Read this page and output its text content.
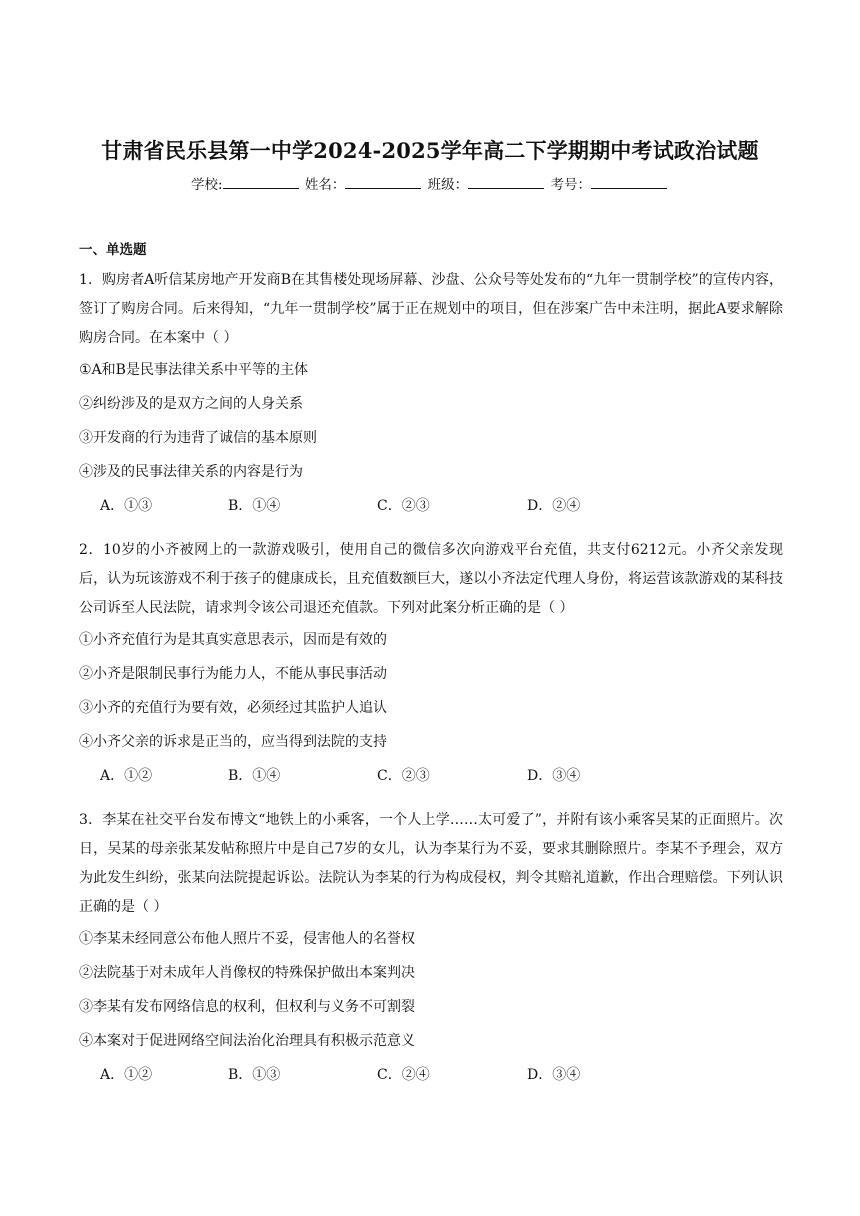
甘肃省民乐县第一中学2024-2025学年高二下学期期中考试政治试题
学校:	姓名：	班级：	考号：
一、单选题

1．购房者A听信某房地产开发商B在其售楼处现场屏幕、沙盘、公众号等处发布的“九年一贯制学校”的宣传内容，签订了购房合同。后来得知，“九年一贯制学校”属于正在规划中的项目，但在涉案广告中未注明，据此A要求解除购房合同。在本案中（ ）

①A和B是民事法律关系中平等的主体

②纠纷涉及的是双方之间的人身关系

③开发商的行为违背了诚信的基本原则

④涉及的民事法律关系的内容是行为

A．①③	B．①④	C．②③	D．②④

2．10岁的小齐被网上的一款游戏吸引，使用自己的微信多次向游戏平台充值，共支付6212元。小齐父亲发现后，认为玩该游戏不利于孩子的健康成长，且充值数额巨大，遂以小齐法定代理人身份，将运营该款游戏的某科技公司诉至人民法院，请求判令该公司退还充值款。下列对此案分析正确的是（ ）

①小齐充值行为是其真实意思表示，因而是有效的

②小齐是限制民事行为能力人，不能从事民事活动

③小齐的充值行为要有效，必须经过其监护人追认

④小齐父亲的诉求是正当的，应当得到法院的支持

A．①②	B．①④	C．②③	D．③④

3．李某在社交平台发布博文“地铁上的小乘客，一个人上学……太可爱了”，并附有该小乘客吴某的正面照片。次日，吴某的母亲张某发帖称照片中是自己7岁的女儿，认为李某行为不妥，要求其删除照片。李某不予理会，双方为此发生纠纷，张某向法院提起诉讼。法院认为李某的行为构成侵权，判令其赔礼道歉，作出合理赔偿。下列认识正确的是（ ）

①李某未经同意公布他人照片不妥，侵害他人的名誉权

②法院基于对未成年人肖像权的特殊保护做出本案判决

③李某有发布网络信息的权利，但权利与义务不可割裂

④本案对于促进网络空间法治化治理具有积极示范意义

A．①②	B．①③	C．②④	D．③④
